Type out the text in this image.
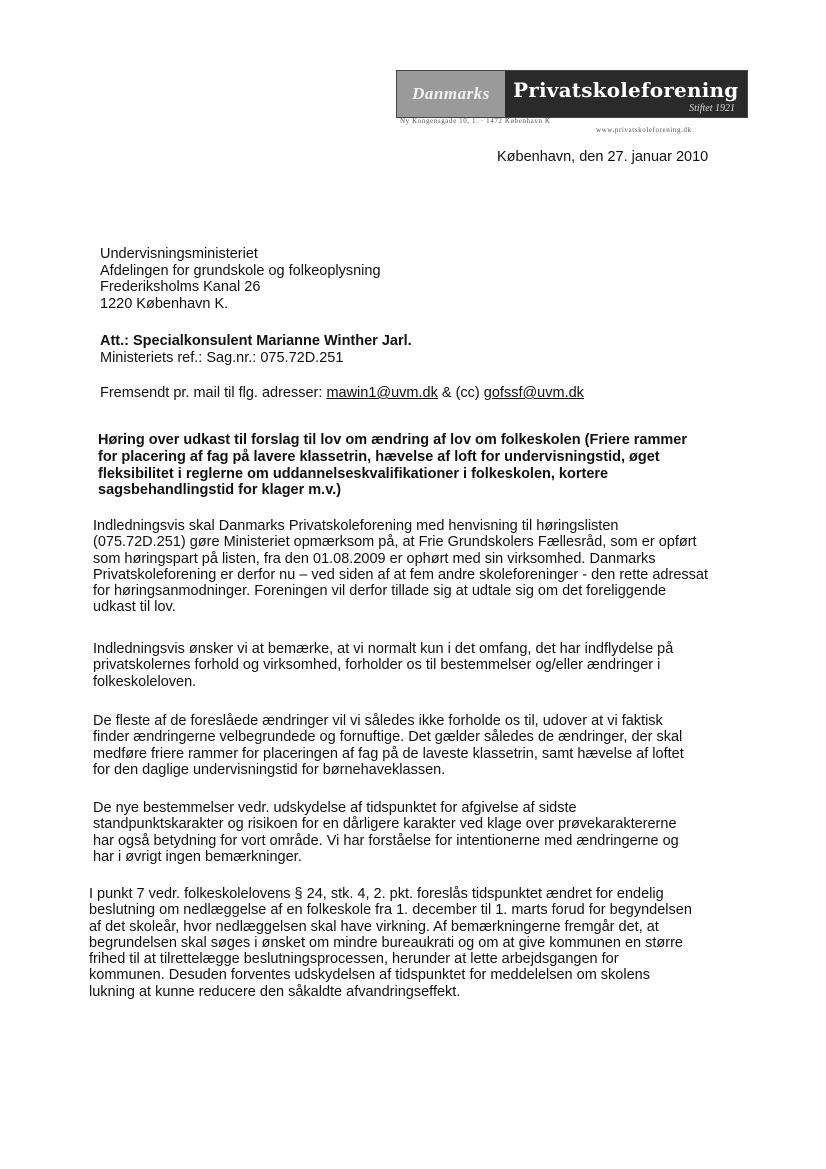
Danmarks	Privatskoleforening
Stiftet 1921
Ny Kongensgade 10, 1. · 1472 København K
www.privatskoleforening.dk
København, den 27. januar 2010
Undervisningsministeriet
Afdelingen for grundskole og folkeoplysning
Frederiksholms Kanal 26
1220 København K.
Att.: Specialkonsulent Marianne Winther Jarl.
Ministeriets ref.: Sag.nr.: 075.72D.251
Fremsendt pr. mail til flg. adresser: mawin1@uvm.dk & (cc) gofssf@uvm.dk
Høring over udkast til forslag til lov om ændring af lov om folkeskolen (Friere rammer
for placering af fag på lavere klassetrin, hævelse af loft for undervisningstid, øget
fleksibilitet i reglerne om uddannelseskvalifikationer i folkeskolen, kortere
sagsbehandlingstid for klager m.v.)
Indledningsvis skal Danmarks Privatskoleforening med henvisning til høringslisten
(075.72D.251) gøre Ministeriet opmærksom på, at Frie Grundskolers Fællesråd, som er opført
som høringspart på listen, fra den 01.08.2009 er ophørt med sin virksomhed. Danmarks
Privatskoleforening er derfor nu – ved siden af at fem andre skoleforeninger - den rette adressat
for høringsanmodninger. Foreningen vil derfor tillade sig at udtale sig om det foreliggende
udkast til lov.
Indledningsvis ønsker vi at bemærke, at vi normalt kun i det omfang, det har indflydelse på
privatskolernes forhold og virksomhed, forholder os til bestemmelser og/eller ændringer i
folkeskoleloven.
De fleste af de foreslåede ændringer vil vi således ikke forholde os til, udover at vi faktisk
finder ændringerne velbegrundede og fornuftige. Det gælder således de ændringer, der skal
medføre friere rammer for placeringen af fag på de laveste klassetrin, samt hævelse af loftet
for den daglige undervisningstid for børnehaveklassen.
De nye bestemmelser vedr. udskydelse af tidspunktet for afgivelse af sidste
standpunktskarakter og risikoen for en dårligere karakter ved klage over prøvekaraktererne
har også betydning for vort område. Vi har forståelse for intentionerne med ændringerne og
har i øvrigt ingen bemærkninger.
I punkt 7 vedr. folkeskolelovens § 24, stk. 4, 2. pkt. foreslås tidspunktet ændret for endelig
beslutning om nedlæggelse af en folkeskole fra 1. december til 1. marts forud for begyndelsen
af det skoleår, hvor nedlæggelsen skal have virkning. Af bemærkningerne fremgår det, at
begrundelsen skal søges i ønsket om mindre bureaukrati og om at give kommunen en større
frihed til at tilrettelægge beslutningsprocessen, herunder at lette arbejdsgangen for
kommunen. Desuden forventes udskydelsen af tidspunktet for meddelelsen om skolens
lukning at kunne reducere den såkaldte afvandringseffekt.
